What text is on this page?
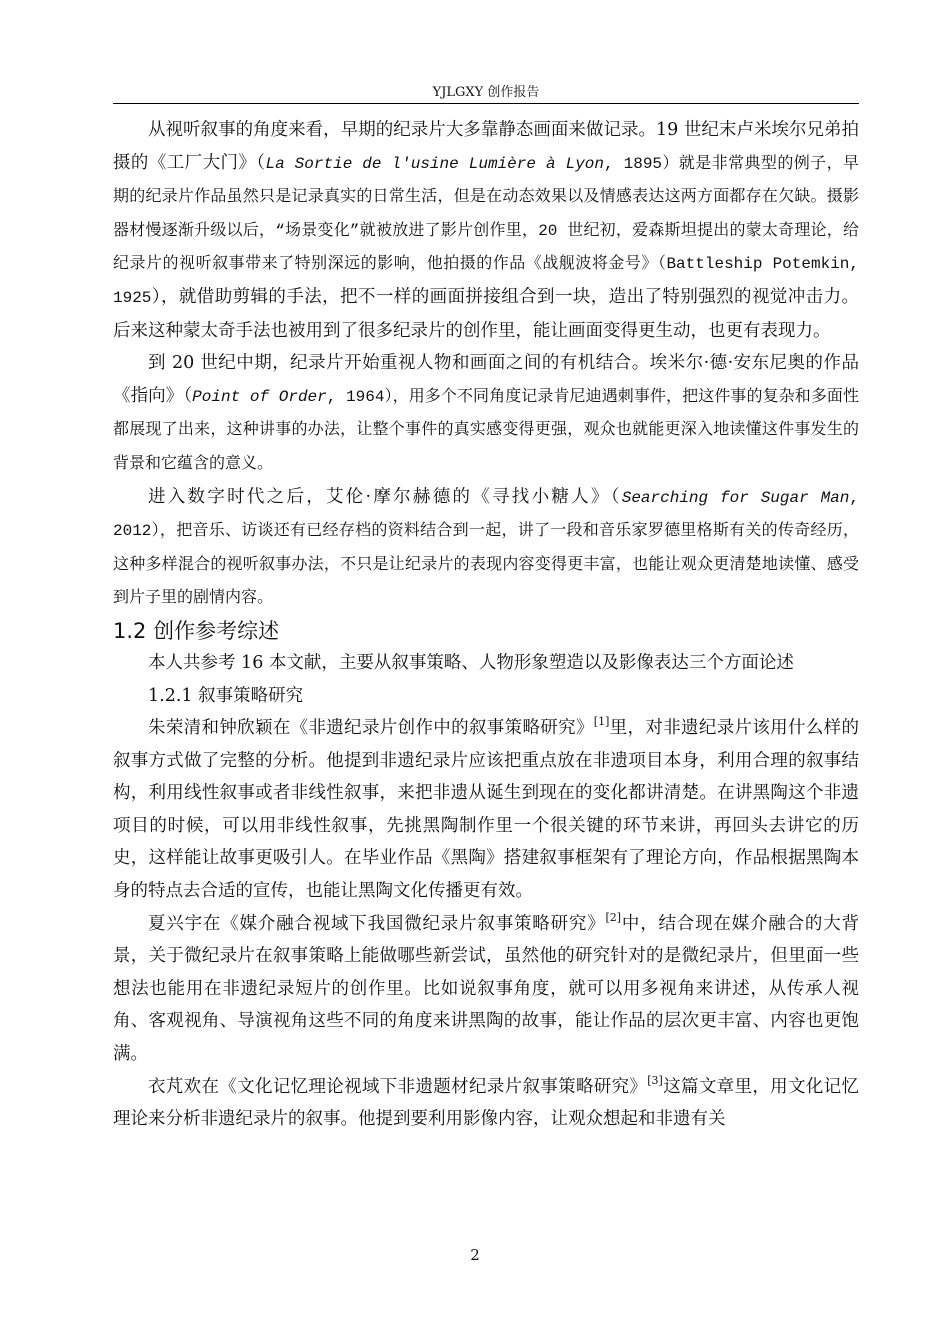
YJLGXY 创作报告

从视听叙事的角度来看，早期的纪录片大多靠静态画面来做记录。19 世纪末卢米埃尔兄弟拍摄的《工厂大门》（La Sortie de l'usine Lumière à Lyon, 1895）就是非常典型的例子，早期的纪录片作品虽然只是记录真实的日常生活，但是在动态效果以及情感表达这两方面都存在欠缺。摄影器材慢逐渐升级以后，“场景变化”就被放进了影片创作里，20 世纪初，爱森斯坦提出的蒙太奇理论，给纪录片的视听叙事带来了特别深远的影响，他拍摄的作品《战舰波将金号》（Battleship Potemkin, 1925），就借助剪辑的手法，把不一样的画面拼接组合到一块，造出了特别强烈的视觉冲击力。后来这种蒙太奇手法也被用到了很多纪录片的创作里，能让画面变得更生动，也更有表现力。

到 20 世纪中期，纪录片开始重视人物和画面之间的有机结合。埃米尔·德·安东尼奥的作品《指向》（Point of Order, 1964），用多个不同角度记录肯尼迪遇刺事件，把这件事的复杂和多面性都展现了出来，这种讲事的办法，让整个事件的真实感变得更强，观众也就能更深入地读懂这件事发生的背景和它蕴含的意义。

进入数字时代之后，艾伦·摩尔赫德的《寻找小糖人》（Searching for Sugar Man, 2012），把音乐、访谈还有已经存档的资料结合到一起，讲了一段和音乐家罗德里格斯有关的传奇经历，这种多样混合的视听叙事办法，不只是让纪录片的表现内容变得更丰富，也能让观众更清楚地读懂、感受到片子里的剧情内容。

1.2 创作参考综述

本人共参考 16 本文献，主要从叙事策略、人物形象塑造以及影像表达三个方面论述

1.2.1 叙事策略研究

朱荣清和钟欣颖在《非遗纪录片创作中的叙事策略研究》[1]里，对非遗纪录片该用什么样的叙事方式做了完整的分析。他提到非遗纪录片应该把重点放在非遗项目本身，利用合理的叙事结构，利用线性叙事或者非线性叙事，来把非遗从诞生到现在的变化都讲清楚。在讲黑陶这个非遗项目的时候，可以用非线性叙事，先挑黑陶制作里一个很关键的环节来讲，再回头去讲它的历史，这样能让故事更吸引人。在毕业作品《黑陶》搭建叙事框架有了理论方向，作品根据黑陶本身的特点去合适的宣传，也能让黑陶文化传播更有效。

夏兴宇在《媒介融合视域下我国微纪录片叙事策略研究》[2]中，结合现在媒介融合的大背景，关于微纪录片在叙事策略上能做哪些新尝试，虽然他的研究针对的是微纪录片，但里面一些想法也能用在非遗纪录短片的创作里。比如说叙事角度，就可以用多视角来讲述，从传承人视角、客观视角、导演视角这些不同的角度来讲黑陶的故事，能让作品的层次更丰富、内容也更饱满。

衣芃欢在《文化记忆理论视域下非遗题材纪录片叙事策略研究》[3]这篇文章里，用文化记忆理论来分析非遗纪录片的叙事。他提到要利用影像内容，让观众想起和非遗有关

2
